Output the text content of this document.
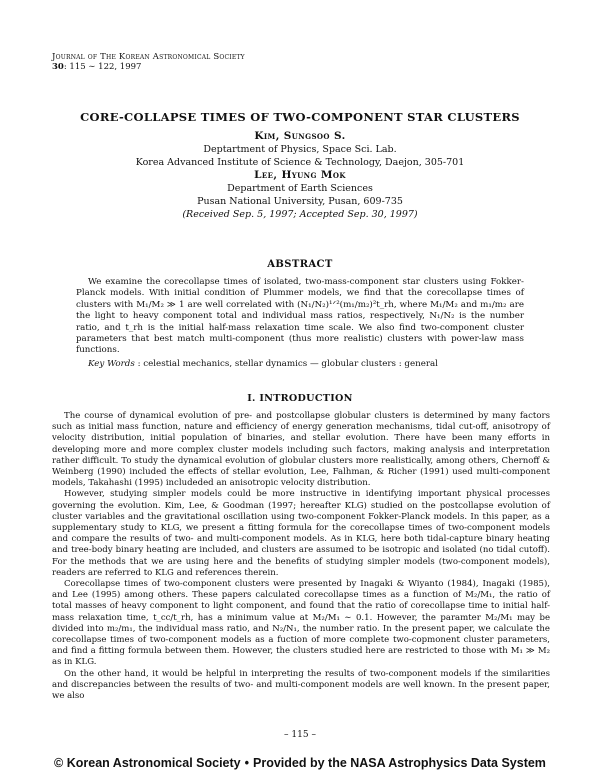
Journal of The Korean Astronomical Society
30: 115 ∼ 122, 1997
CORE-COLLAPSE TIMES OF TWO-COMPONENT STAR CLUSTERS
Kim, Sungsoo S.
Deptartment of Physics, Space Sci. Lab.
Korea Advanced Institute of Science & Technology, Daejon, 305-701
Lee, Hyung Mok
Department of Earth Sciences
Pusan National University, Pusan, 609-735
(Received Sep. 5, 1997; Accepted Sep. 30, 1997)
ABSTRACT
We examine the corecollapse times of isolated, two-mass-component star clusters using Fokker-Planck models. With initial condition of Plummer models, we find that the corecollapse times of clusters with M₁/M₂ ≫ 1 are well correlated with (N₁/N₂)¹ᐟ²(m₁/m₂)²t_rh, where M₁/M₂ and m₁/m₂ are the light to heavy component total and individual mass ratios, respectively, N₁/N₂ is the number ratio, and t_rh is the initial half-mass relaxation time scale. We also find two-component cluster parameters that best match multi-component (thus more realistic) clusters with power-law mass functions.
Key Words : celestial mechanics, stellar dynamics — globular clusters : general
I. INTRODUCTION

The course of dynamical evolution of pre- and postcollapse globular clusters is determined by many factors such as initial mass function, nature and efficiency of energy generation mechanisms, tidal cut-off, anisotropy of velocity distribution, initial population of binaries, and stellar evolution. There have been many efforts in developing more and more complex cluster models including such factors, making analysis and interpretation rather difficult. To study the dynamical evolution of globular clusters more realistically, among others, Chernoff & Weinberg (1990) included the effects of stellar evolution, Lee, Falhman, & Richer (1991) used multi-component models, Takahashi (1995) includeded an anisotropic velocity distribution.

However, studying simpler models could be more instructive in identifying important physical processes governing the evolution. Kim, Lee, & Goodman (1997; hereafter KLG) studied on the postcollapse evolution of cluster variables and the gravitational oscillation using two-component Fokker-Planck models. In this paper, as a supplementary study to KLG, we present a fitting formula for the corecollapse times of two-component models and compare the results of two- and multi-component models. As in KLG, here both tidal-capture binary heating and tree-body binary heating are included, and clusters are assumed to be isotropic and isolated (no tidal cutoff). For the methods that we are using here and the benefits of studying simpler models (two-component models), readers are referred to KLG and references therein.

Corecollapse times of two-component clusters were presented by Inagaki & Wiyanto (1984), Inagaki (1985), and Lee (1995) among others. These papers calculated corecollapse times as a function of M₂/M₁, the ratio of total masses of heavy component to light component, and found that the ratio of corecollapse time to initial half-mass relaxation time, t_cc/t_rh, has a minimum value at M₂/M₁ ∼ 0.1. However, the paramter M₂/M₁ may be divided into m₂/m₁, the individual mass ratio, and N₂/N₁, the number ratio. In the present paper, we calculate the corecollapse times of two-component models as a fuction of more complete two-copmonent cluster parameters, and find a fitting formula between them. However, the clusters studied here are restricted to those with M₁ ≫ M₂ as in KLG.

On the other hand, it would be helpful in interpreting the results of two-component models if the similarities and discrepancies between the results of two- and multi-component models are well known. In the present paper, we also

– 115 –
© Korean Astronomical Society • Provided by the NASA Astrophysics Data System
